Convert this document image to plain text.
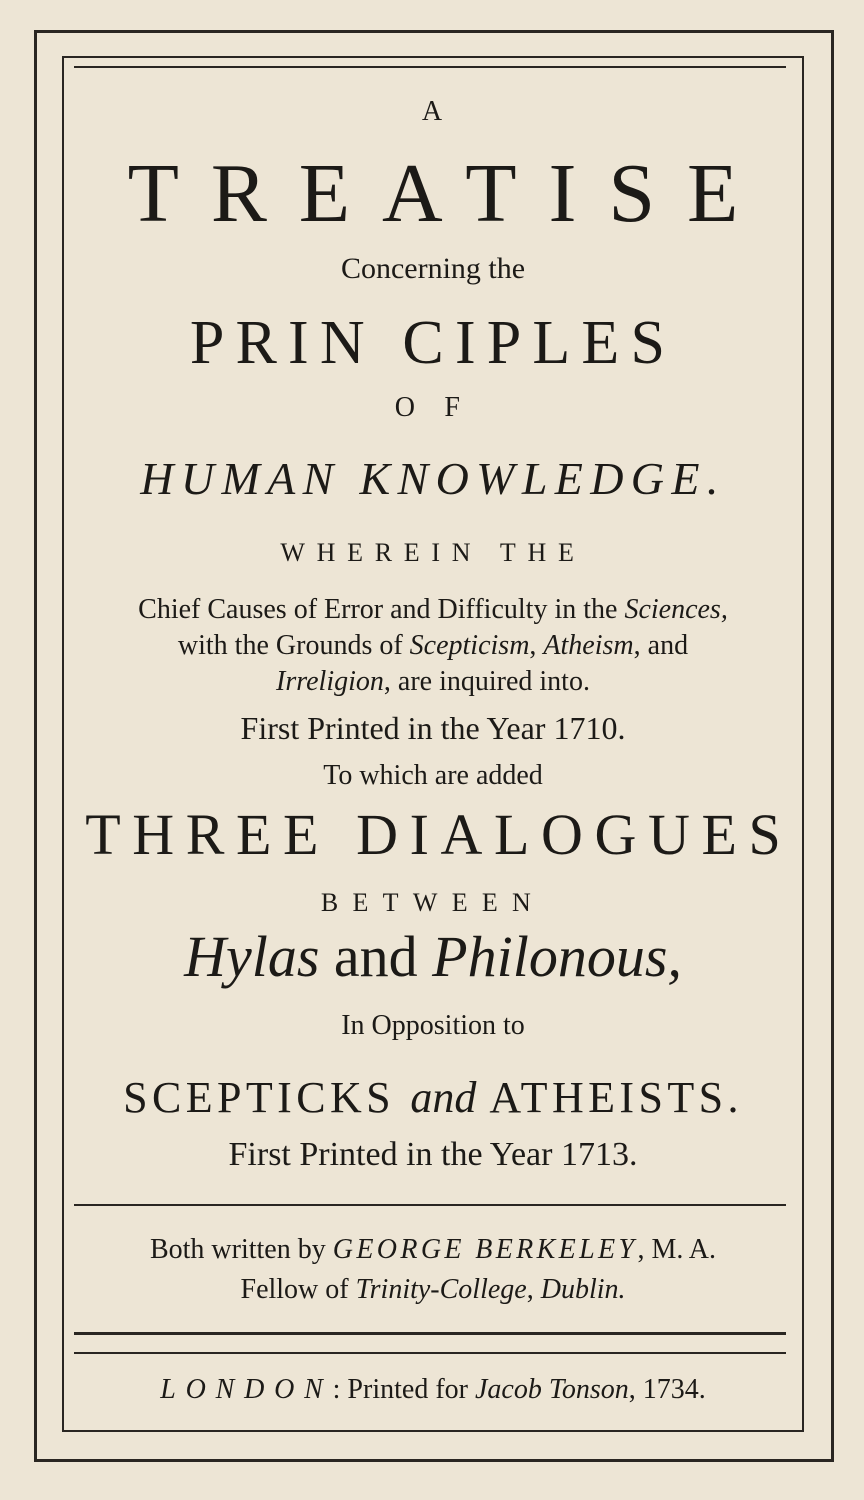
A
TREATISE
Concerning the
PRIN CIPLES
O F
HUMAN KNOWLEDGE.
WHEREIN THE
Chief Causes of Error and Difficulty in the Sciences,
with the Grounds of Scepticism, Atheism, and
Irreligion, are inquired into.
First Printed in the Year 1710.
To which are added
THREE DIALOGUES
BETWEEN
Hylas and Philonous,
In Opposition to
SCEPTICKS and ATHEISTS.
First Printed in the Year 1713.
Both written by GEORGE BERKELEY, M. A.
Fellow of Trinity-College, Dublin.
LONDON: Printed for Jacob Tonson, 1734.
